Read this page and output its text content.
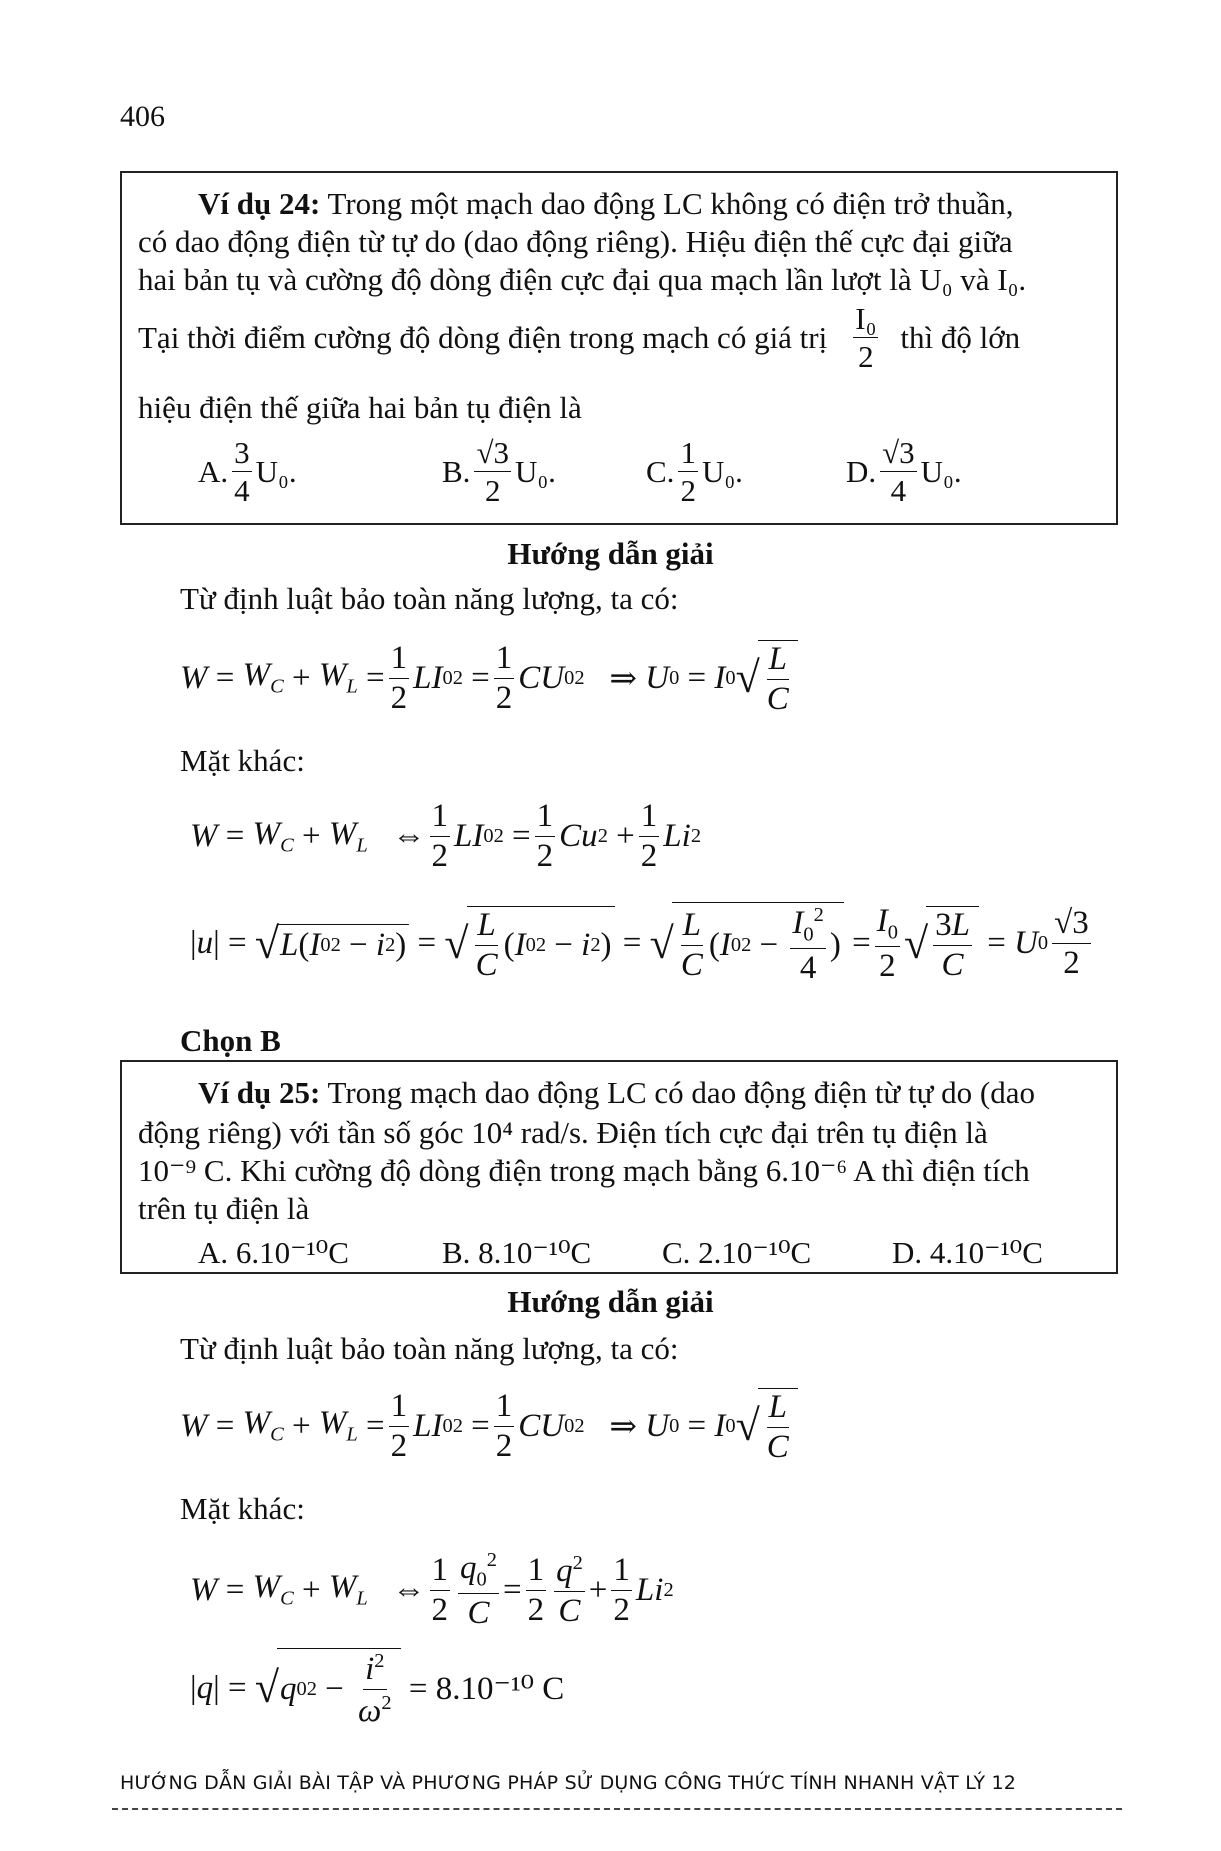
406
Ví dụ 24: Trong một mạch dao động LC không có điện trở thuần,
có dao động điện từ tự do (dao động riêng). Hiệu điện thế cực đại giữa
hai bản tụ và cường độ dòng điện cực đại qua mạch lần lượt là U₀ và I₀.
Tại thời điểm cường độ dòng điện trong mạch có giá trị $\frac{\text{I₀}}{2}$ thì độ lớn
hiệu điện thế giữa hai bản tụ điện là
A. $\frac{3}{4} U_0$.	B. $\frac{√3}{2} U_0$.	C. $\frac{1}{2} U_0$.	D. $\frac{√3}{4} U_0$.
Hướng dẫn giải
Từ định luật bảo toàn năng lượng, ta có:
$W = W_C + W_L = \frac{1}{2}$ LI 0 $2 = \frac{1}{2}$ CU 0 2 ⇒ U 0 = I 0 √ $\frac{L}{C}$
Mặt khác:
$W = W_C + W_L$ ⇔ $\frac{1}{2}$ LI 0 $2 = \frac{1}{2}$ Cu $2 + \frac{1}{2}$ Li 2
| u | = √ L ( I 0 2 − i 2 ) = √ $\frac{L}{C}$ ( I 0 2 − i 2 ) = √ $\frac{L}{C}$ ( I 0 $2 - \frac{I_0^2}{4}$ ) = $\frac{I_0}{2}$ √ $\frac{3L}{C} = U$ $0 \frac{√3}{2}$
Chọn B
Ví dụ 25: Trong mạch dao động LC có dao động điện từ tự do (dao
động riêng) với tần số góc 10⁴ rad/s. Điện tích cực đại trên tụ điện là
10⁻⁹ C. Khi cường độ dòng điện trong mạch bằng 6.10⁻⁶ A thì điện tích
trên tụ điện là
A. 6.10⁻¹⁰C	B. 8.10⁻¹⁰C C. 2.10⁻¹⁰C	D. 4.10⁻¹⁰C
Hướng dẫn giải
Từ định luật bảo toàn năng lượng, ta có:
$W = W_C + W_L = \frac{1}{2}$ LI 0 $2 = \frac{1}{2}$ CU 0 2 ⇒ U 0 = I 0 √ $\frac{L}{C}$
Mặt khác:
$W = W_C + W_L$ ⇔ $\frac{1}{2} \frac{q_0^2}{C} = \frac{1}{2} \frac{q^2}{C} + \frac{1}{2}$ Li 2
| q | = √ q 0 $2 - \frac{i^2}{\omega^2}$
= 8.10⁻¹⁰ C
HƯỚNG DẪN GIẢI BÀI TẬP VÀ PHƯƠNG PHÁP SỬ DỤNG CÔNG THỨC TÍNH NHANH VẬT LÝ 12
